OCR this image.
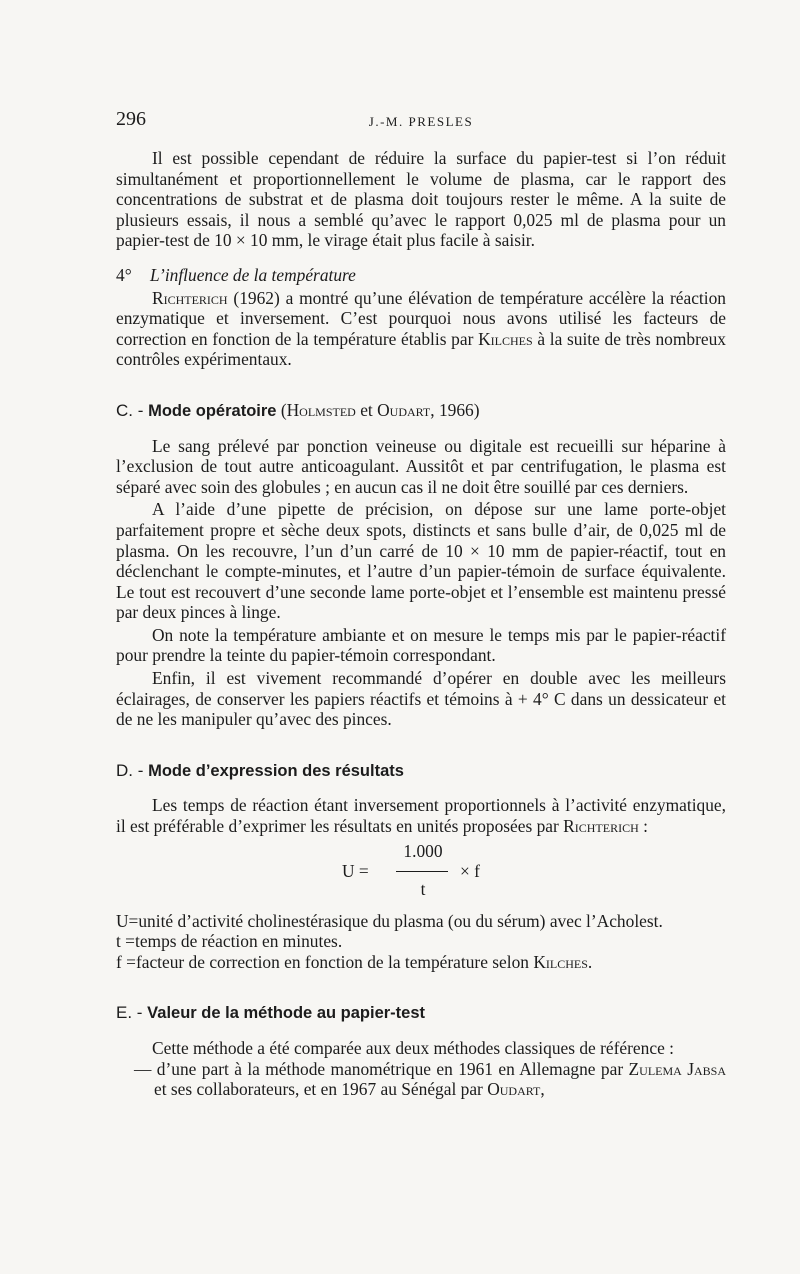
296	J.-M. PRESLES

Il est possible cependant de réduire la surface du papier-test si l’on réduit simultanément et proportionnellement le volume de plasma, car le rapport des concentrations de substrat et de plasma doit toujours rester le même. A la suite de plusieurs essais, il nous a semblé qu’avec le rapport 0,025 ml de plasma pour un papier-test de 10 × 10 mm, le virage était plus facile à saisir.

4° L’influence de la température

Richterich (1962) a montré qu’une élévation de température accélère la réaction enzymatique et inversement. C’est pourquoi nous avons utilisé les facteurs de correction en fonction de la température établis par Kilches à la suite de très nombreux contrôles expérimentaux.

C. - Mode opératoire (Holmsted et Oudart, 1966)

Le sang prélevé par ponction veineuse ou digitale est recueilli sur héparine à l’exclusion de tout autre anticoagulant. Aussitôt et par centrifugation, le plasma est séparé avec soin des globules ; en aucun cas il ne doit être souillé par ces derniers.

A l’aide d’une pipette de précision, on dépose sur une lame porte-objet parfaitement propre et sèche deux spots, distincts et sans bulle d’air, de 0,025 ml de plasma. On les recouvre, l’un d’un carré de 10 × 10 mm de papier-réactif, tout en déclenchant le compte-minutes, et l’autre d’un papier-témoin de surface équivalente. Le tout est recouvert d’une seconde lame porte-objet et l’ensemble est maintenu pressé par deux pinces à linge.

On note la température ambiante et on mesure le temps mis par le papier-réactif pour prendre la teinte du papier-témoin correspondant.

Enfin, il est vivement recommandé d’opérer en double avec les meilleurs éclairages, de conserver les papiers réactifs et témoins à + 4° C dans un dessicateur et de ne les manipuler qu’avec des pinces.

D. - Mode d’expression des résultats

Les temps de réaction étant inversement proportionnels à l’activité enzymatique, il est préférable d’exprimer les résultats en unités proposées par Richterich :

U =
1.000
t
× f

U=unité d’activité cholinestérasique du plasma (ou du sérum) avec l’Acholest.

t =temps de réaction en minutes.

f =facteur de correction en fonction de la température selon Kilches.

E. - Valeur de la méthode au papier-test

Cette méthode a été comparée aux deux méthodes classiques de référence :

— d’une part à la méthode manométrique en 1961 en Allemagne par Zulema Jabsa et ses collaborateurs, et en 1967 au Sénégal par Oudart,
